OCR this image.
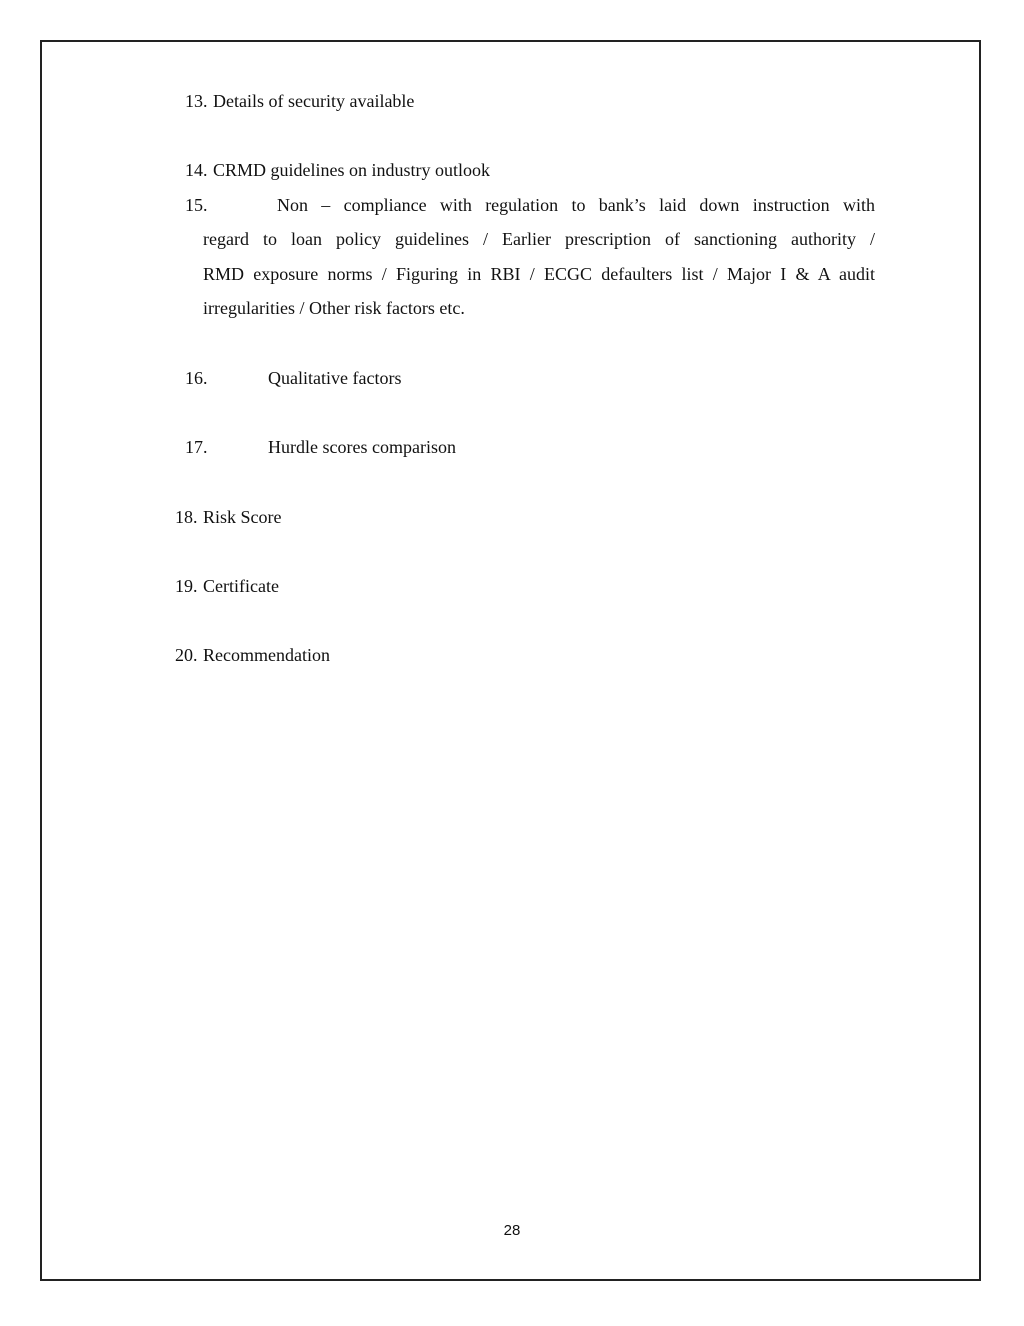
13. Details of security available
14. CRMD guidelines on industry outlook
15.	Non – compliance with regulation to bank’s laid down instruction with
regard to loan policy guidelines / Earlier prescription of sanctioning authority /
RMD exposure norms / Figuring in RBI / ECGC defaulters list / Major I & A audit
irregularities / Other risk factors etc.
16.	Qualitative factors
17.	Hurdle scores comparison
18. Risk Score
19. Certificate
20. Recommendation
28
